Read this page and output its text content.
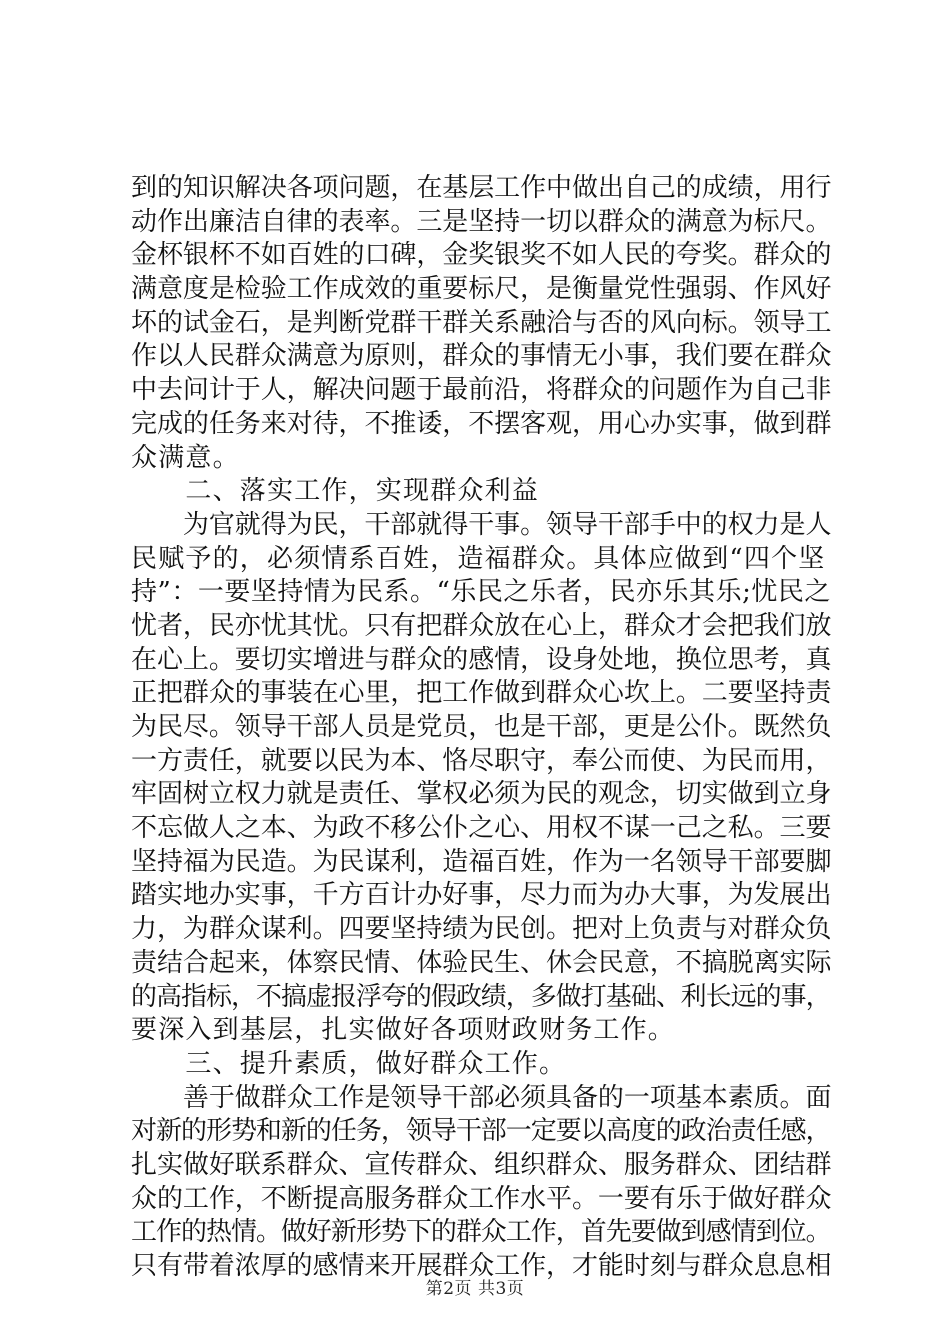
到的知识解决各项问题，在基层工作中做出自己的成绩，用行
动作出廉洁自律的表率。三是坚持一切以群众的满意为标尺。
金杯银杯不如百姓的口碑，金奖银奖不如人民的夸奖。群众的
满意度是检验工作成效的重要标尺，是衡量党性强弱、作风好
坏的试金石，是判断党群干群关系融洽与否的风向标。领导工
作以人民群众满意为原则，群众的事情无小事，我们要在群众
中去问计于人，解决问题于最前沿，将群众的问题作为自己非
完成的任务来对待，不推诿，不摆客观，用心办实事，做到群
众满意。
　　二、落实工作，实现群众利益
　　为官就得为民，干部就得干事。领导干部手中的权力是人
民赋予的，必须情系百姓，造福群众。具体应做到“四个坚
持”：一要坚持情为民系。“乐民之乐者，民亦乐其乐;忧民之
忧者，民亦忧其忧。只有把群众放在心上，群众才会把我们放
在心上。要切实增进与群众的感情，设身处地，换位思考，真
正把群众的事装在心里，把工作做到群众心坎上。二要坚持责
为民尽。领导干部人员是党员，也是干部，更是公仆。既然负
一方责任，就要以民为本、恪尽职守，奉公而使、为民而用，
牢固树立权力就是责任、掌权必须为民的观念，切实做到立身
不忘做人之本、为政不移公仆之心、用权不谋一己之私。三要
坚持福为民造。为民谋利，造福百姓，作为一名领导干部要脚
踏实地办实事，千方百计办好事，尽力而为办大事，为发展出
力，为群众谋利。四要坚持绩为民创。把对上负责与对群众负
责结合起来，体察民情、体验民生、休会民意，不搞脱离实际
的高指标，不搞虚报浮夸的假政绩，多做打基础、利长远的事，
要深入到基层，扎实做好各项财政财务工作。
　　三、提升素质，做好群众工作。
　　善于做群众工作是领导干部必须具备的一项基本素质。面
对新的形势和新的任务，领导干部一定要以高度的政治责任感，
扎实做好联系群众、宣传群众、组织群众、服务群众、团结群
众的工作，不断提高服务群众工作水平。一要有乐于做好群众
工作的热情。做好新形势下的群众工作，首先要做到感情到位。
只有带着浓厚的感情来开展群众工作，才能时刻与群众息息相
第2页 共3页
